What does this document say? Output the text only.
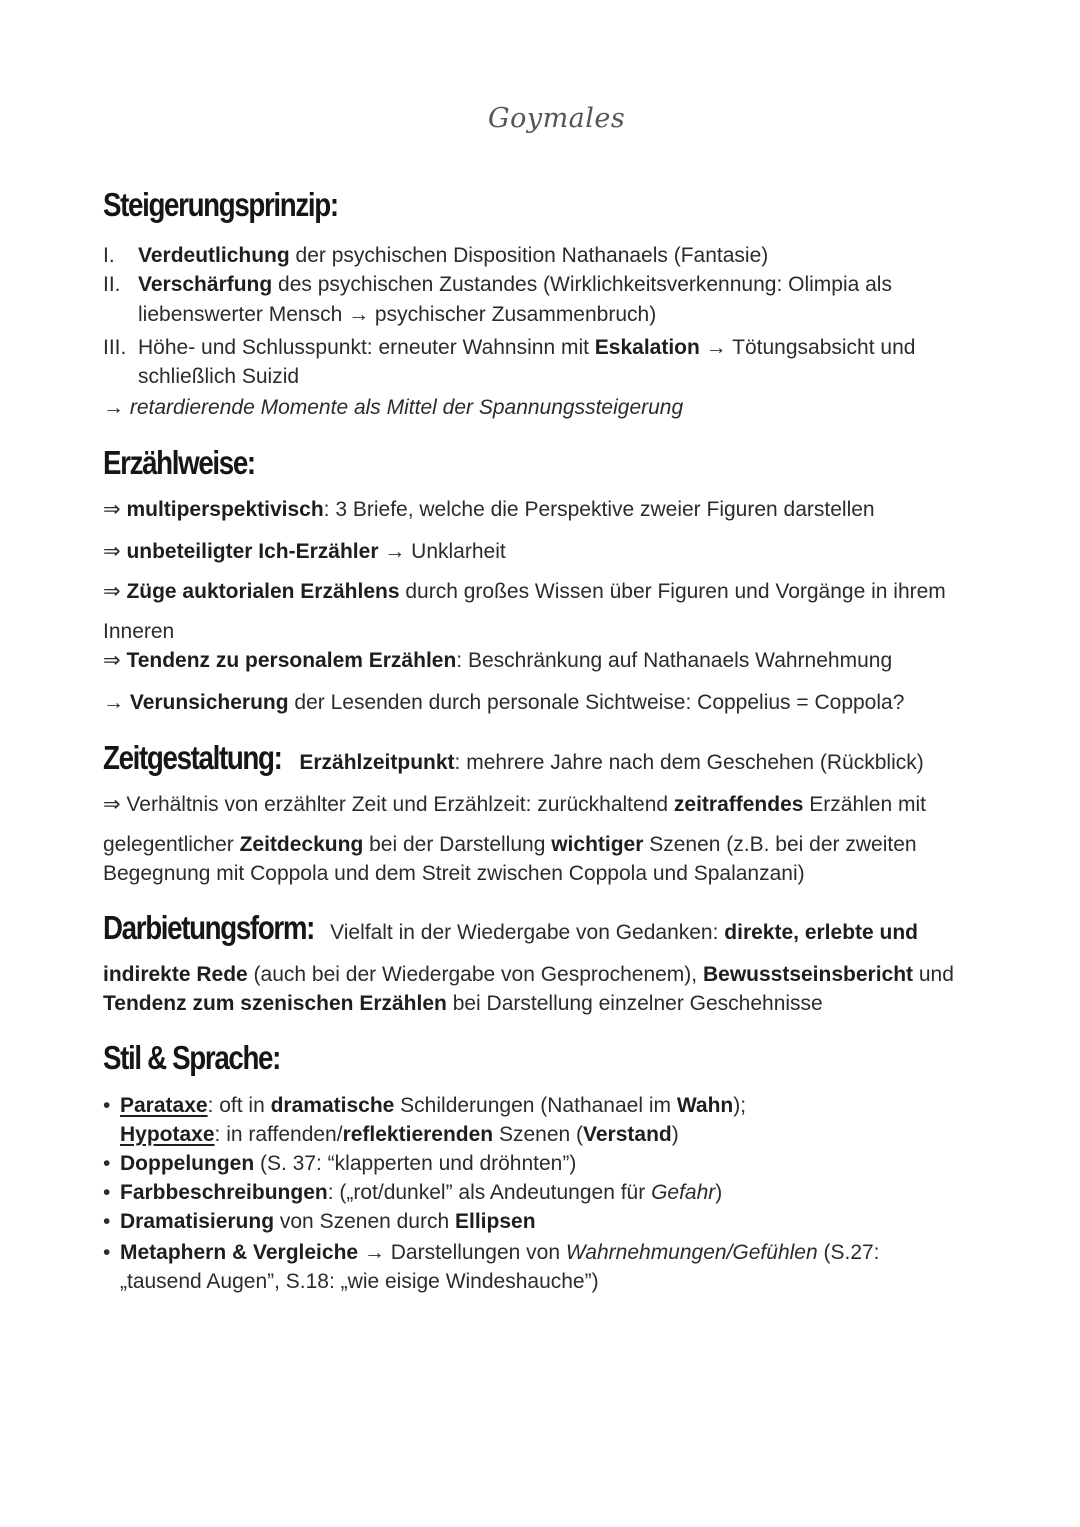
Goymales
Steigerungsprinzip:
I. Verdeutlichung der psychischen Disposition Nathanaels (Fantasie)
II. Verschärfung des psychischen Zustandes (Wirklichkeitsverkennung: Olimpia als
liebenswerter Mensch → psychischer Zusammenbruch)
III. Höhe- und Schlusspunkt: erneuter Wahnsinn mit Eskalation → Tötungsabsicht und
schließlich Suizid
→ retardierende Momente als Mittel der Spannungssteigerung
Erzählweise:
⇒ multiperspektivisch: 3 Briefe, welche die Perspektive zweier Figuren darstellen
⇒ unbeteiligter Ich-Erzähler → Unklarheit
⇒ Züge auktorialen Erzählens durch großes Wissen über Figuren und Vorgänge in ihrem
Inneren
⇒ Tendenz zu personalem Erzählen: Beschränkung auf Nathanaels Wahrnehmung
→ Verunsicherung der Lesenden durch personale Sichtweise: Coppelius = Coppola?
Zeitgestaltung: Erzählzeitpunkt: mehrere Jahre nach dem Geschehen (Rückblick)
⇒ Verhältnis von erzählter Zeit und Erzählzeit: zurückhaltend zeitraffendes Erzählen mit
gelegentlicher Zeitdeckung bei der Darstellung wichtiger Szenen (z.B. bei der zweiten
Begegnung mit Coppola und dem Streit zwischen Coppola und Spalanzani)
Darbietungsform: Vielfalt in der Wiedergabe von Gedanken: direkte, erlebte und
indirekte Rede (auch bei der Wiedergabe von Gesprochenem), Bewusstseinsbericht und
Tendenz zum szenischen Erzählen bei Darstellung einzelner Geschehnisse
Stil & Sprache:
• Parataxe: oft in dramatische Schilderungen (Nathanael im Wahn);
Hypotaxe: in raffenden/reflektierenden Szenen (Verstand)
• Doppelungen (S. 37: “klapperten und dröhnten”)
• Farbbeschreibungen: („rot/dunkel” als Andeutungen für Gefahr)
• Dramatisierung von Szenen durch Ellipsen
• Metaphern & Vergleiche → Darstellungen von Wahrnehmungen/Gefühlen (S.27:
„tausend Augen”, S.18: „wie eisige Windeshauche”)
